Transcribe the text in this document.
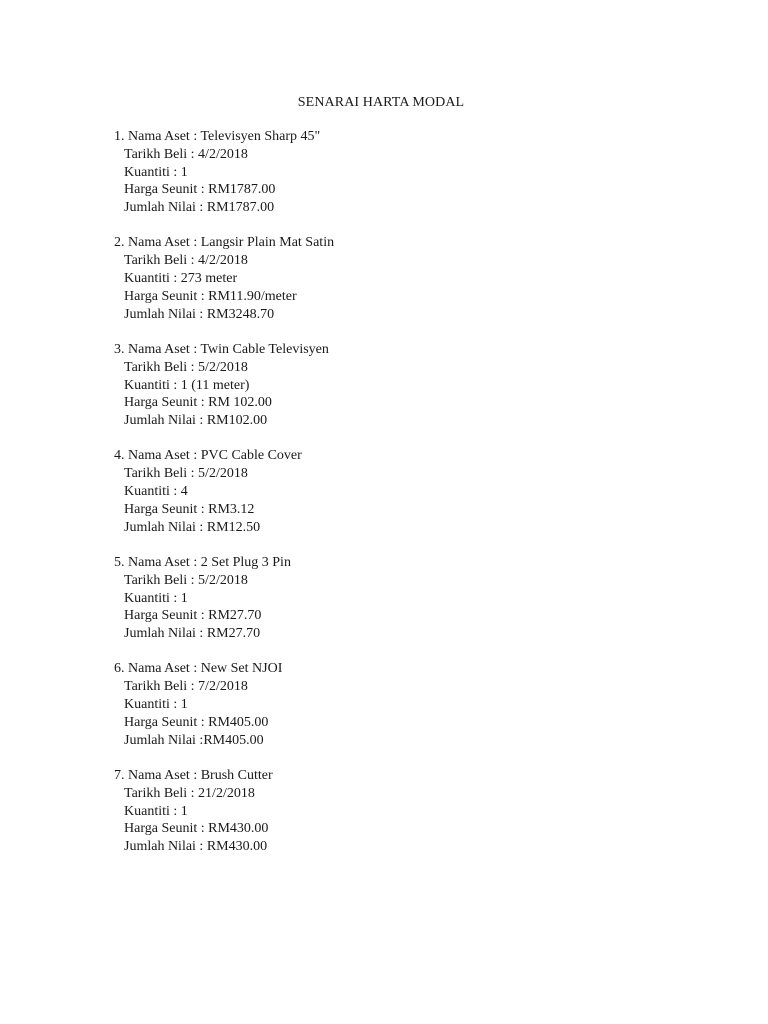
SENARAI HARTA MODAL
1. Nama Aset : Televisyen Sharp 45"
Tarikh Beli : 4/2/2018
Kuantiti : 1
Harga Seunit : RM1787.00
Jumlah Nilai : RM1787.00
2. Nama Aset : Langsir Plain Mat Satin
Tarikh Beli : 4/2/2018
Kuantiti : 273 meter
Harga Seunit : RM11.90/meter
Jumlah Nilai : RM3248.70
3. Nama Aset : Twin Cable Televisyen
Tarikh Beli : 5/2/2018
Kuantiti : 1 (11 meter)
Harga Seunit : RM 102.00
Jumlah Nilai : RM102.00
4. Nama Aset : PVC Cable Cover
Tarikh Beli : 5/2/2018
Kuantiti : 4
Harga Seunit : RM3.12
Jumlah Nilai : RM12.50
5. Nama Aset : 2 Set Plug 3 Pin
Tarikh Beli : 5/2/2018
Kuantiti : 1
Harga Seunit : RM27.70
Jumlah Nilai : RM27.70
6. Nama Aset : New Set NJOI
Tarikh Beli : 7/2/2018
Kuantiti : 1
Harga Seunit : RM405.00
Jumlah Nilai :RM405.00
7. Nama Aset : Brush Cutter
Tarikh Beli : 21/2/2018
Kuantiti : 1
Harga Seunit : RM430.00
Jumlah Nilai : RM430.00
